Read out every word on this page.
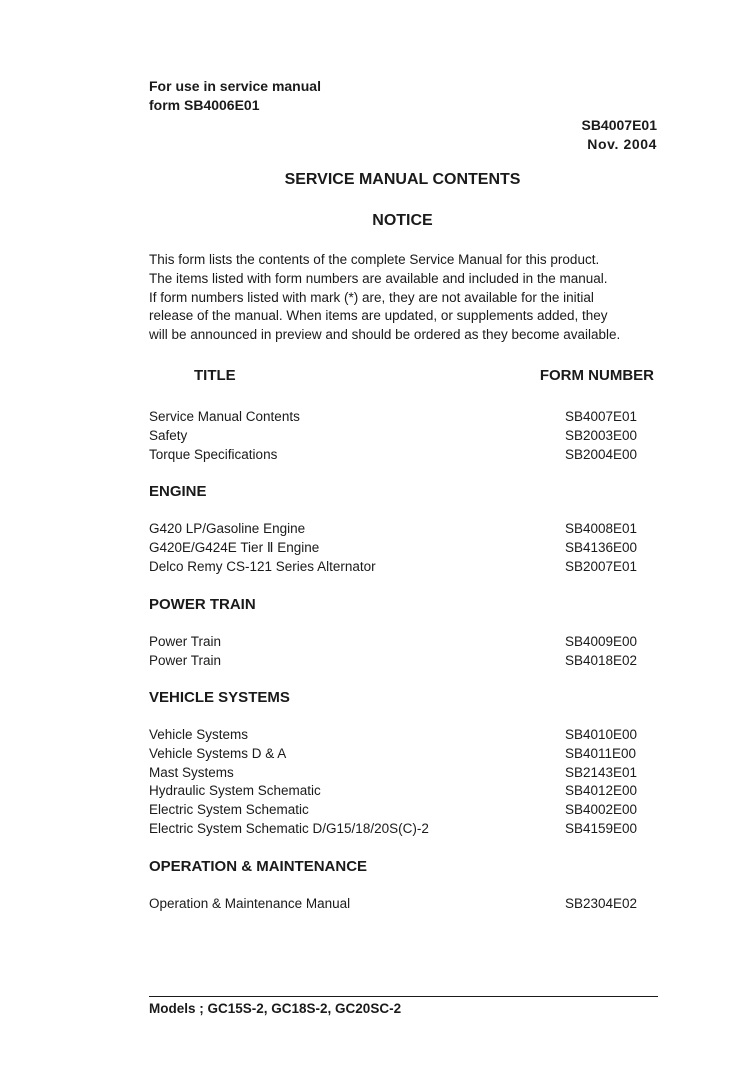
For use in service manual
form SB4006E01
SB4007E01
Nov. 2004
SERVICE MANUAL CONTENTS
NOTICE
This form lists the contents of the complete Service Manual for this product.
The items listed with form numbers are available and included in the manual.
If form numbers listed with mark (*) are, they are not available for the initial
release of the manual. When items are updated, or supplements added, they
will be announced in preview and should be ordered as they become available.
TITLE	FORM NUMBER
Service Manual Contents	SB4007E01
Safety	SB2003E00
Torque Specifications	SB2004E00
ENGINE
G420 LP/Gasoline Engine	SB4008E01
G420E/G424E Tier Ⅱ Engine	SB4136E00
Delco Remy CS-121 Series Alternator	SB2007E01
POWER TRAIN
Power Train	SB4009E00
Power Train	SB4018E02
VEHICLE SYSTEMS
Vehicle Systems	SB4010E00
Vehicle Systems D & A	SB4011E00
Mast Systems	SB2143E01
Hydraulic System Schematic	SB4012E00
Electric System Schematic	SB4002E00
Electric System Schematic D/G15/18/20S(C)-2	SB4159E00
OPERATION & MAINTENANCE
Operation & Maintenance Manual	SB2304E02
Models ; GC15S-2, GC18S-2, GC20SC-2
